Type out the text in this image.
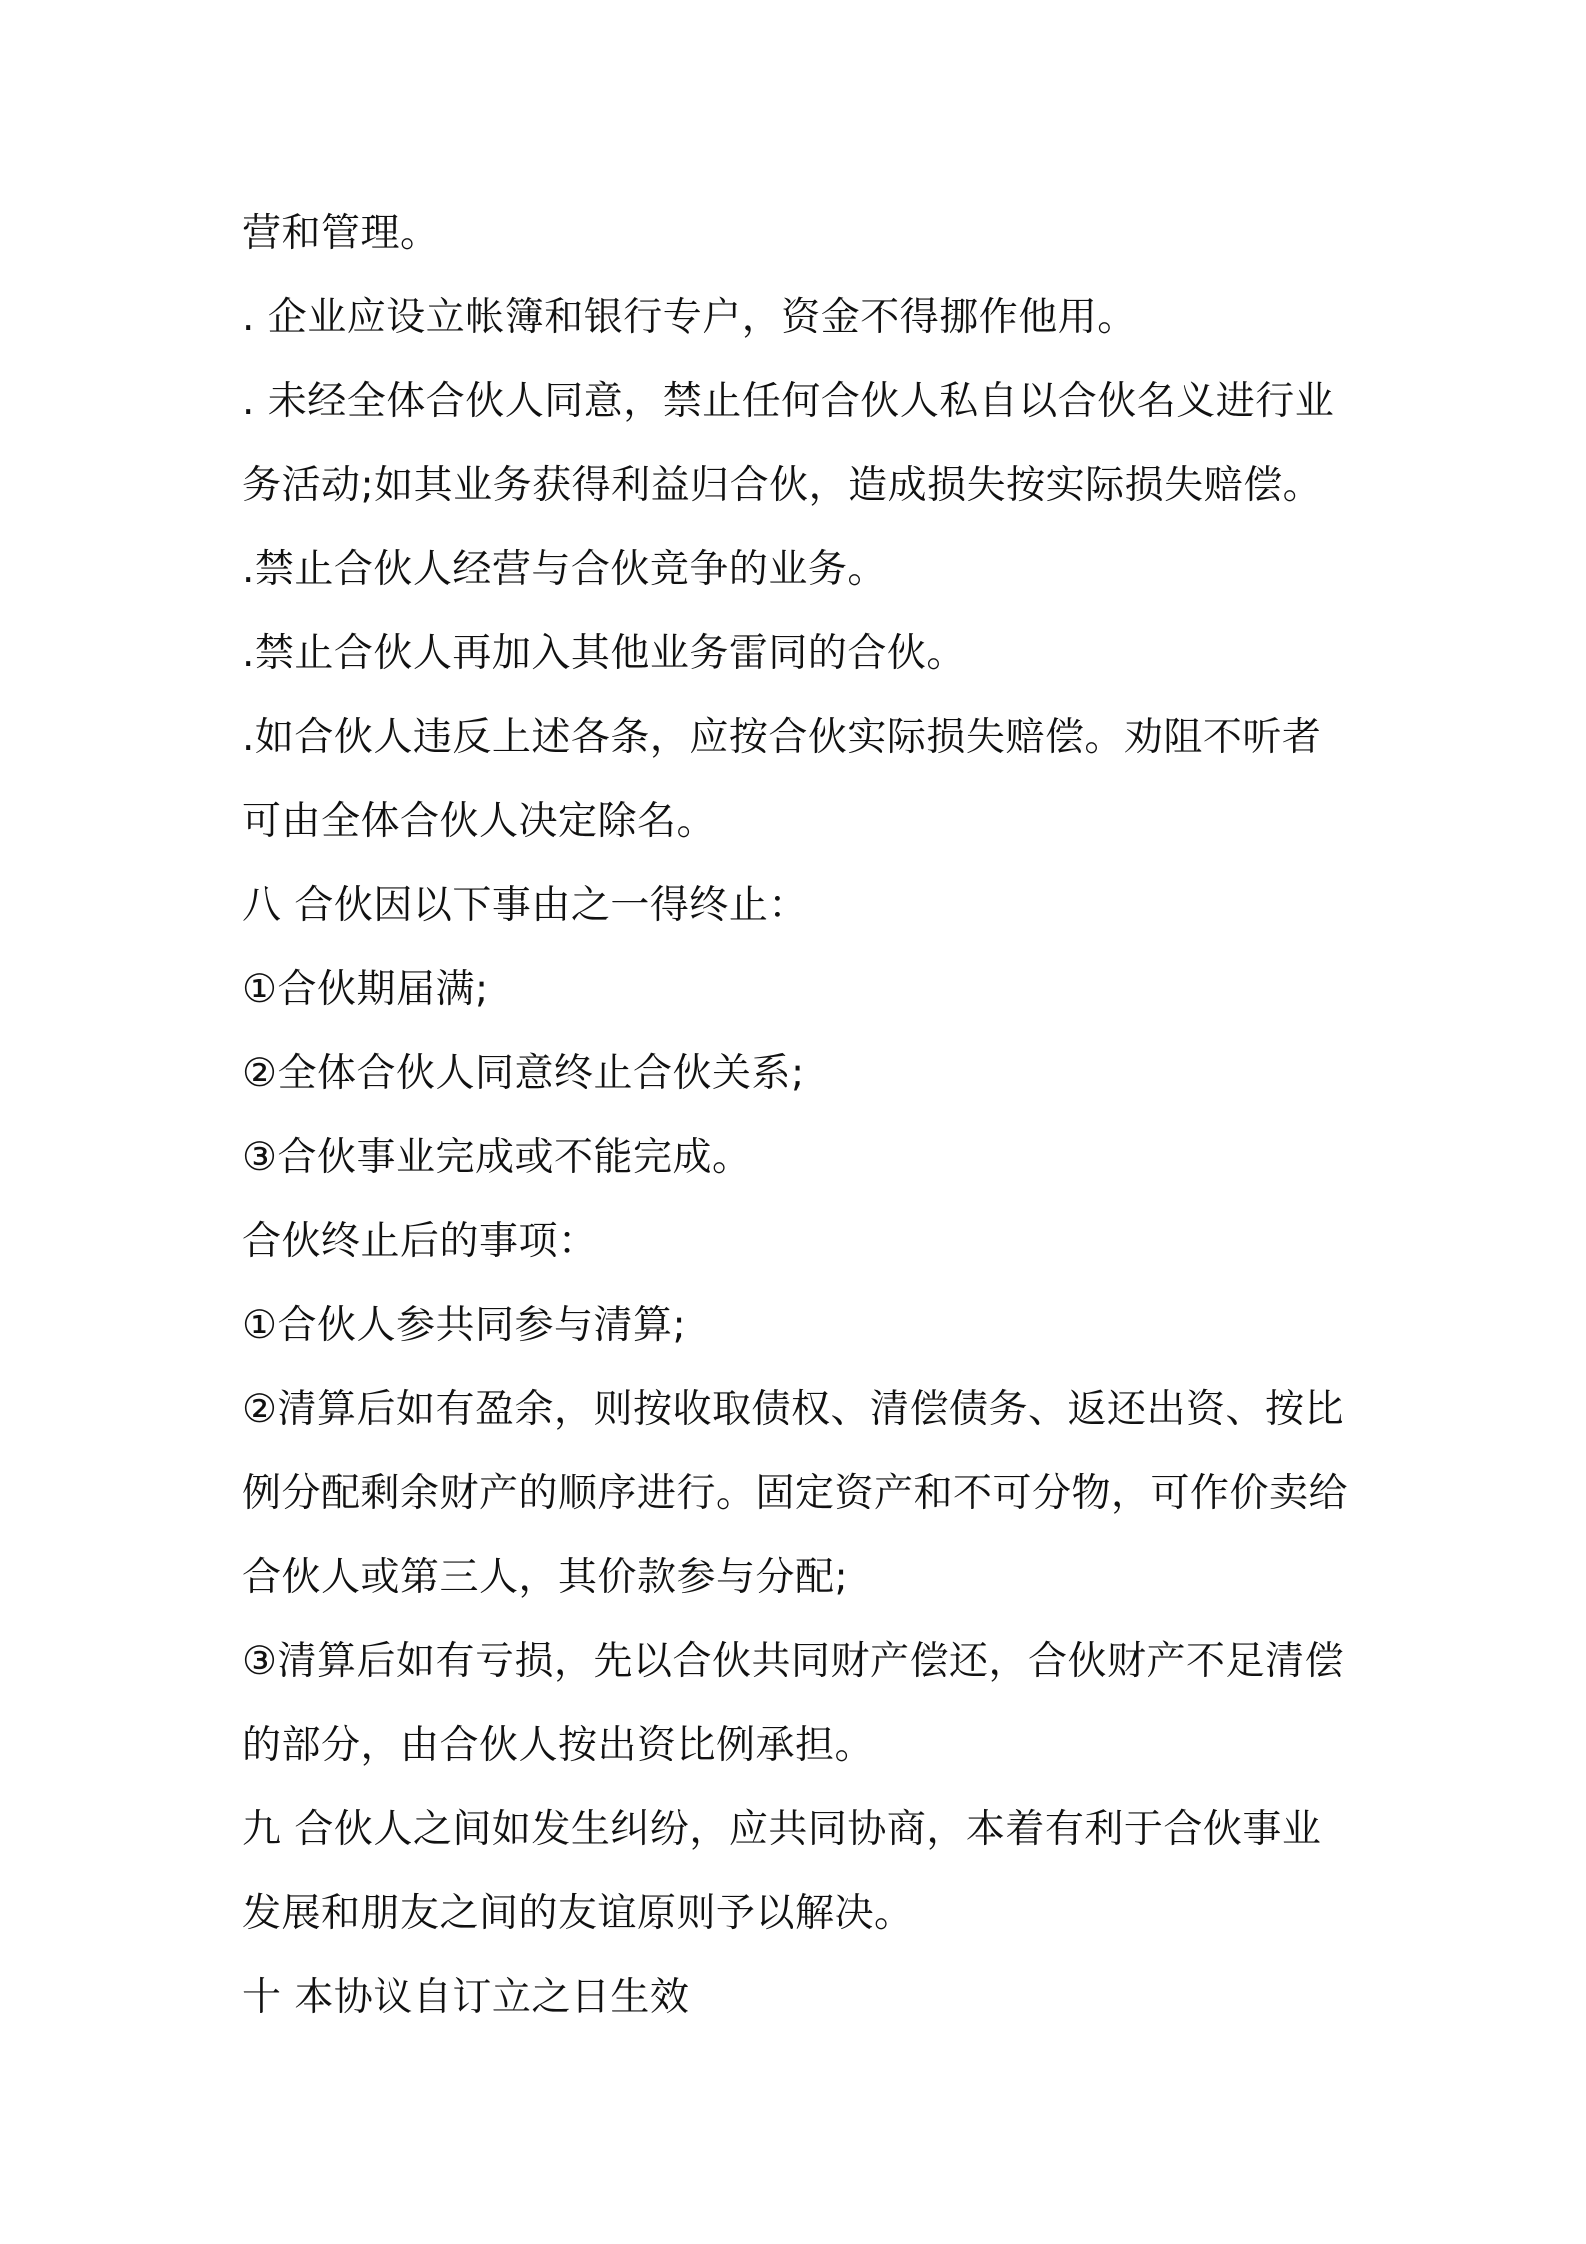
营和管理。
. 企业应设立帐簿和银行专户，资金不得挪作他用。
. 未经全体合伙人同意，禁止任何合伙人私自以合伙名义进行业
务活动;如其业务获得利益归合伙，造成损失按实际损失赔偿。
.禁止合伙人经营与合伙竞争的业务。
.禁止合伙人再加入其他业务雷同的合伙。
.如合伙人违反上述各条，应按合伙实际损失赔偿。劝阻不听者
可由全体合伙人决定除名。
八 合伙因以下事由之一得终止：
①合伙期届满;
②全体合伙人同意终止合伙关系;
③合伙事业完成或不能完成。
合伙终止后的事项：
①合伙人参共同参与清算;
②清算后如有盈余，则按收取债权、清偿债务、返还出资、按比
例分配剩余财产的顺序进行。固定资产和不可分物，可作价卖给
合伙人或第三人，其价款参与分配;
③清算后如有亏损，先以合伙共同财产偿还，合伙财产不足清偿
的部分，由合伙人按出资比例承担。
九 合伙人之间如发生纠纷，应共同协商，本着有利于合伙事业
发展和朋友之间的友谊原则予以解决。
十 本协议自订立之日生效
